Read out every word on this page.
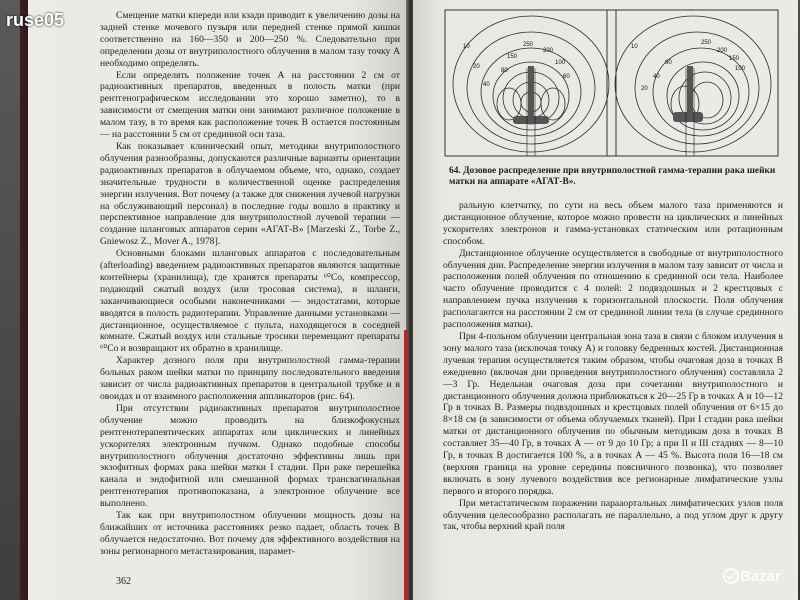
Смещение матки кпереди или кзади приводит к увеличению дозы на задней стенке мочевого пузыря или передней стенке прямой кишки соответственно на 160—350 и 200—250 %. Следовательно при определении дозы от внутриполостного облучения в малом тазу точку А необходимо определять.

Если определять положение точек А на расстоянии 2 см от радиоактивных препаратов, введенных в полость матки (при рентгенографическом исследовании это хорошо заметно), то в зависимости от смещения матки они занимают различное положение в малом тазу, в то время как расположение точек В остается постоянным — на расстоянии 5 см от срединной оси таза.

Как показывает клинический опыт, методики внутриполостного облучения разнообразны, допускаются различные варианты ориентации радиоактивных препаратов в облучаемом объеме, что, однако, создает значительные трудности в количественной оценке распределения энергии излучения. Вот почему (а также для снижения лучевой нагрузки на обслуживающий персонал) в последние годы вошло в практику и перспективное направление для внутриполостной лучевой терапии — создание шланговых аппаратов серии «АГАТ-В» [Marzeski Z., Torbe Z., Gniewosz Z., Mover A., 1978].

Основными блоками шланговых аппаратов с последовательным (afterloading) введением радиоактивных препаратов являются защитные контейнеры (хранилища), где хранятся препараты ⁶⁰Co, компрессор, подающий сжатый воздух (или тросовая система), и шланги, заканчивающиеся особыми наконечниками — эндостатами, которые вводятся в полость радиотерапии. Управление данными установками — дистанционное, осуществляемое с пульта, находящегося в соседней комнате. Сжатый воздух или стальные тросики перемещают препараты ⁶⁰Co и возвращают их обратно в хранилище.

Характер дозного поля при внутриполостной гамма-терапии больных раком шейки матки по принципу последовательного введения зависит от числа радиоактивных препаратов в центральной трубке и в овоидах и от взаимного расположения аппликаторов (рис. 64).

При отсутствии радиоактивных препаратов внутриполостное облучение можно проводить на близкофокусных рентгенотерапевтических аппаратах или циклических и линейных ускорителях электронным пучком. Однако подобные способы внутриполостного облучения достаточно эффективны лишь при экзофитных формах рака шейки матки I стадии. При раке перешейка канала и эндофитной или смешанной формах трансвагинальная рентгенотерапия противопоказана, а электронное облучение все выполнено.

Так как при внутриполостном облучении мощность дозы на ближайших от источника расстояниях резко падает, область точек В облучается недостаточно. Вот почему для эффективного воздействия на зоны регионарного метастазирования, парамет-

362
250
200
150
100
80
60
40
20
10
250
200
150
100
60
40
20
10
64. Дозовое распределение при внутриполостной гамма-терапии рака шейки матки на аппарате «АГАТ-В».

ральную клетчатку, по сути на весь объем малого таза применяются и дистанционное облучение, которое можно провести на циклических и линейных ускорителях электронов и гамма-установках статическим или ротационным способом.

Дистанционное облучение осуществляется в свободные от внутриполостного облучения дни. Распределение энергии излучения в малом тазу зависит от числа и расположения полей облучения по отношению к срединной оси тела. Наиболее часто облучение проводится с 4 полей: 2 подвздошных и 2 крестцовых с направлением пучка излучения к горизонтальной плоскости. Поля облучения располагаются на расстоянии 2 см от срединной линии тела (в случае срединного расположения матки).

При 4-польном облучении центральная зона таза в связи с блоком излучения в зону малого таза (исключая точку А) и головку бедренных костей. Дистанционная лучевая терапия осуществляется таким образом, чтобы очаговая доза в точках В ежедневно (включая дни проведения внутриполостного облучения) составляла 2—3 Гр. Недельная очаговая доза при сочетании внутриполостного и дистанционного облучения должна приближаться к 20—25 Гр в точках А и 10—12 Гр в точках В. Размеры подвздошных и крестцовых полей облучения от 6×15 до 8×18 см (в зависимости от объема облучаемых тканей). При I стадии рака шейки матки от дистанционного облучения по обычным методикам доза в точках В составляет 35—40 Гр, в точках А — от 9 до 10 Гр; а при II и III стадиях — 8—10 Гр, в точках В достигается 100 %, а в точках А — 45 %. Высота поля 16—18 см (верхняя граница на уровне середины поясничного позвонка), что позволяет включать в зону лучевого воздействия все регионарные лимфатические узлы первого и второго порядка.

При метастатическом поражении парааортальных лимфатических узлов поля облучения целесообразно располагать не параллельно, а под углом друг к другу так, чтобы верхний край поля

ruse05
Bazar
